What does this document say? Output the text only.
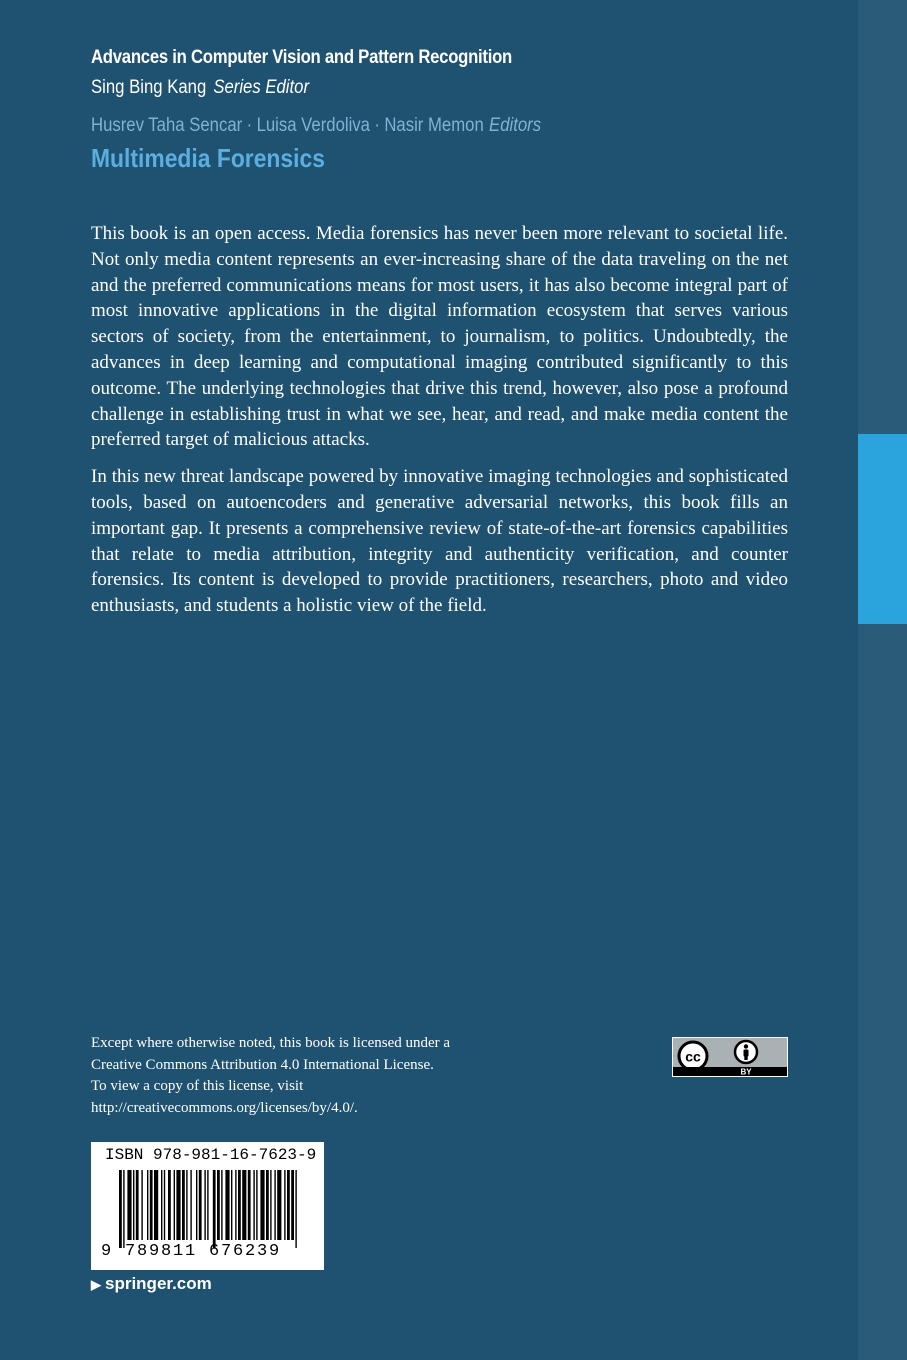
Advances in Computer Vision and Pattern Recognition
Sing Bing Kang Series Editor
Husrev Taha Sencar · Luisa Verdoliva · Nasir Memon Editors
Multimedia Forensics

This book is an open access. Media forensics has never been more relevant to societal life. Not only media content represents an ever-increasing share of the data traveling on the net and the preferred communications means for most users, it has also become integral part of most innovative applications in the digital information ecosystem that serves various sectors of society, from the entertainment, to journalism, to politics. Undoubtedly, the advances in deep learning and computational imaging contributed significantly to this outcome. The underlying technologies that drive this trend, however, also pose a profound challenge in establishing trust in what we see, hear, and read, and make media content the preferred target of malicious attacks.

In this new threat landscape powered by innovative imaging technologies and sophisticated tools, based on autoencoders and generative adversarial networks, this book fills an important gap. It presents a comprehensive review of state-of-the-art forensics capabilities that relate to media attribution, integrity and authenticity verification, and counter forensics. Its content is developed to provide practitioners, researchers, photo and video enthusiasts, and students a holistic view of the field.

Except where otherwise noted, this book is licensed under a
Creative Commons Attribution 4.0 International License.
To view a copy of this license, visit
http://creativecommons.org/licenses/by/4.0/.
cc
BY
ISBN 978-981-16-7623-9
9 789811 676239
▶ springer.com
